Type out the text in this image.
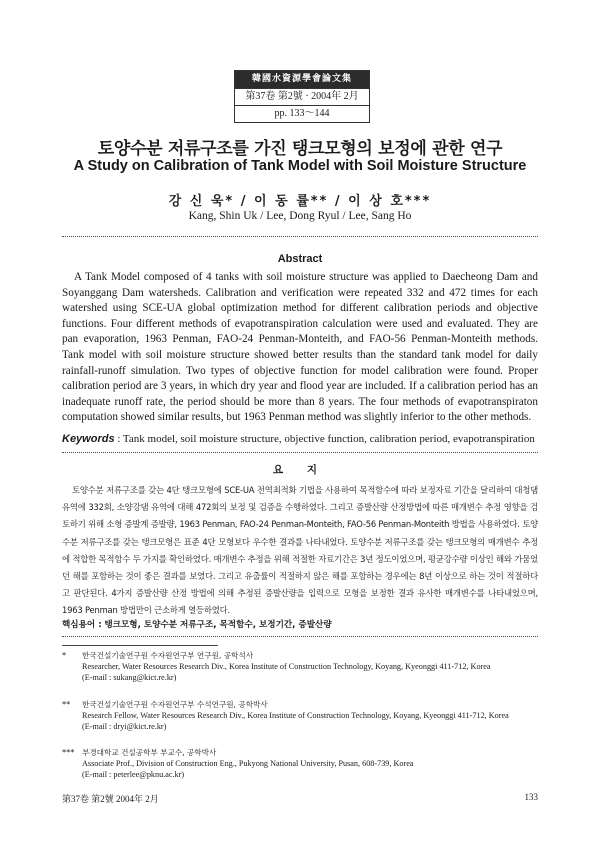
韓國水資源學會論文集
第37卷 第2號 · 2004年 2月
pp. 133～144
토양수분 저류구조를 가진 탱크모형의 보정에 관한 연구
A Study on Calibration of Tank Model with Soil Moisture Structure
강 신 욱* / 이 동 률** / 이 상 호***
Kang, Shin Uk / Lee, Dong Ryul / Lee, Sang Ho
Abstract

A Tank Model composed of 4 tanks with soil moisture structure was applied to Daecheong Dam and Soyanggang Dam watersheds. Calibration and verification were repeated 332 and 472 times for each watershed using SCE-UA global optimization method for different calibration periods and objective functions. Four different methods of evapotranspiration calculation were used and evaluated. They are pan evaporation, 1963 Penman, FAO-24 Penman-Monteith, and FAO-56 Penman-Monteith methods. Tank model with soil moisture structure showed better results than the standard tank model for daily rainfall-runoff simulation. Two types of objective function for model calibration were found. Proper calibration period are 3 years, in which dry year and flood year are included. If a calibration period has an inadequate runoff rate, the period should be more than 8 years. The four methods of evapotranspiraton computation showed similar results, but 1963 Penman method was slightly inferior to the other methods.

Keywords : Tank model, soil moisture structure, objective function, calibration period, evapotranspiration
요 지

토양수분 저류구조를 갖는 4단 탱크모형에 SCE-UA 전역최적화 기법을 사용하여 목적함수에 따라 보정자료 기간을 달리하여 대청댐 유역에 332회, 소양강댐 유역에 대해 472회의 보정 및 검증을 수행하였다. 그리고 증발산량 산정방법에 따른 매개변수 추정 영향을 검토하기 위해 소형 증발계 증발량, 1963 Penman, FAO-24 Penman-Monteith, FAO-56 Penman-Monteith 방법을 사용하였다. 토양수분 저류구조를 갖는 탱크모형은 표준 4단 모형보다 우수한 결과를 나타내었다. 토양수분 저류구조를 갖는 탱크모형의 매개변수 추정에 적합한 목적함수 두 가지를 확인하였다. 매개변수 추정을 위해 적절한 자료기간은 3년 정도이었으며, 평균강수량 이상인 해와 가뭄었던 해를 포함하는 것이 좋은 결과를 보였다. 그리고 유출률이 적절하지 않은 해를 포함하는 경우에는 8년 이상으로 하는 것이 적절하다고 판단된다. 4가지 증발산량 산정 방법에 의해 추정된 증발산량을 입력으로 모형을 보정한 결과 유사한 매개변수를 나타내었으며, 1963 Penman 방법만이 근소하게 열등하였다.

핵심용어 : 탱크모형, 토양수분 저류구조, 목적함수, 보정기간, 증발산량
* 한국건설기술연구원 수자원연구부 연구원, 공학석사
Researcher, Water Resources Research Div., Korea Institute of Construction Technology, Koyang, Kyeonggi 411-712, Korea
(E-mail : sukang@kict.re.kr)
** 한국건설기술연구원 수자원연구부 수석연구원, 공학박사
Research Fellow, Water Resources Research Div., Korea Institute of Construction Technology, Koyang, Kyeonggi 411-712, Korea
(E-mail : dryi@kict.re.kr)
*** 부경대학교 건설공학부 부교수, 공학박사
Associate Prof., Division of Construction Eng., Pukyong National University, Pusan, 608-739, Korea
(E-mail : peterlee@pknu.ac.kr)
第37卷 第2號 2004年 2月	133
